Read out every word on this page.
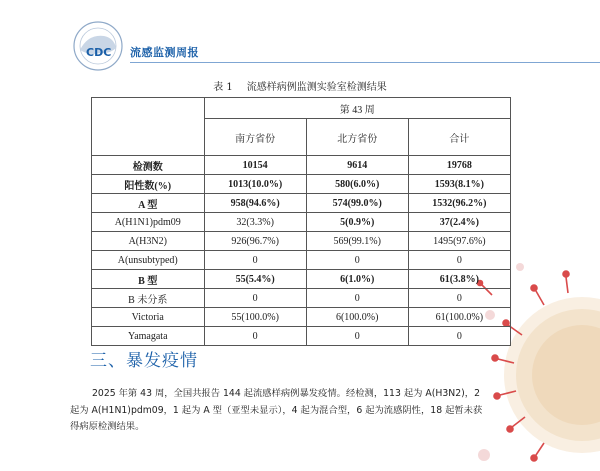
CDC 流感监测周报
表 1 流感样病例监测实验室检测结果
	第 43 周		
	南方省份	北方省份	合计
检测数	10154	9614	19768
阳性数(%)	1013(10.0%)	580(6.0%)	1593(8.1%)
A 型	958(94.6%)	574(99.0%)	1532(96.2%)
A(H1N1)pdm09	32(3.3%)	5(0.9%)	37(2.4%)
A(H3N2)	926(96.7%)	569(99.1%)	1495(97.6%)
A(unsubtyped)	0	0	0
B 型	55(5.4%)	6(1.0%)	61(3.8%)
B 未分系	0	0	0
Victoria	55(100.0%)	6(100.0%)	61(100.0%)
Yamagata	0	0	0
三、暴发疫情
2025 年第 43 周，全国共报告 144 起流感样病例暴发疫情。经检测，113 起为 A(H3N2)，2 起为 A(H1N1)pdm09，1 起为 A 型（亚型未显示），4 起为混合型，6 起为流感阴性，18 起暂未获得病原检测结果。
